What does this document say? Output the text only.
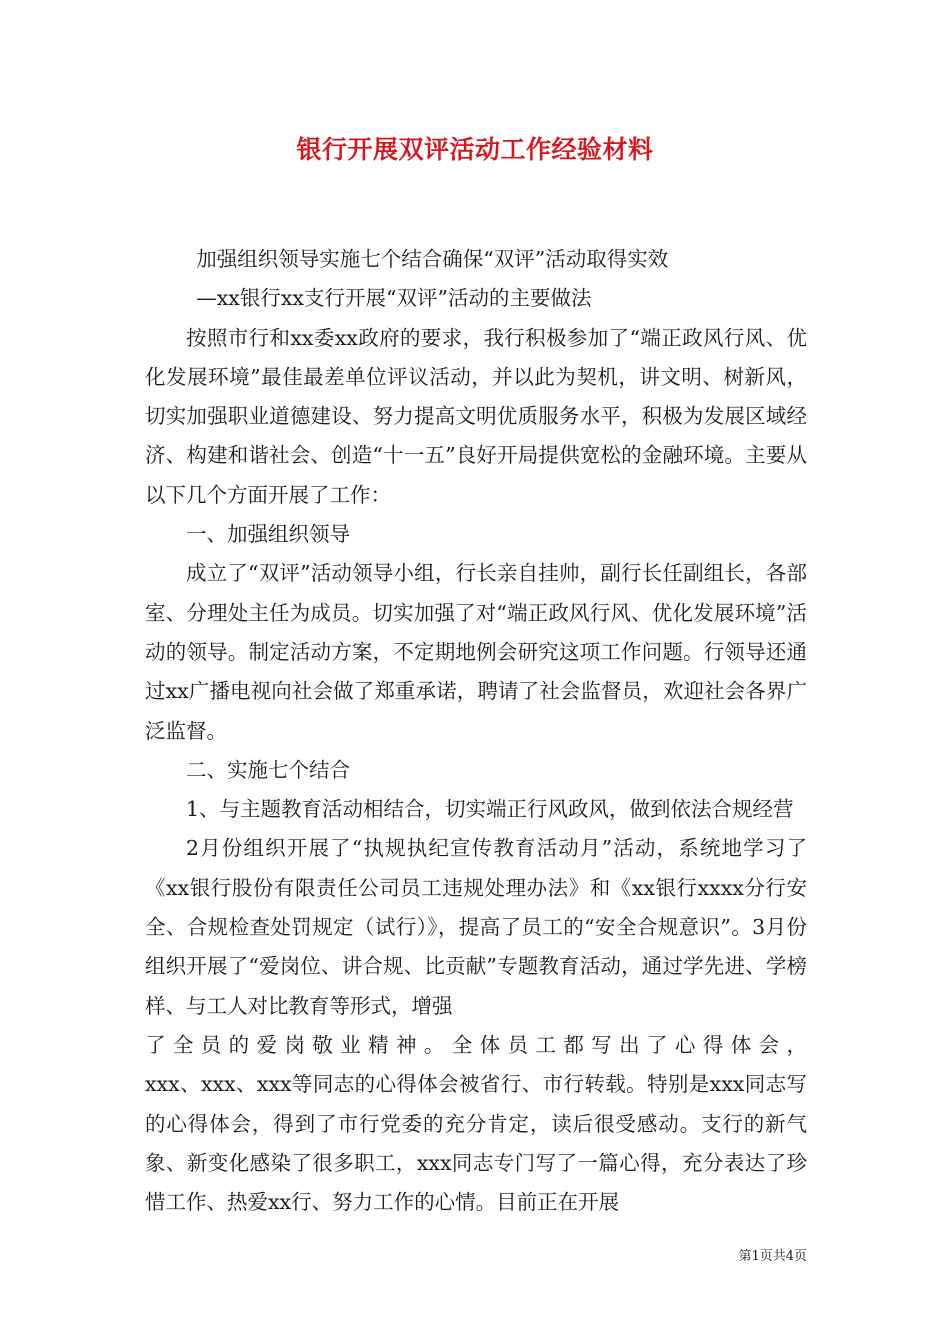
银行开展双评活动工作经验材料

加强组织领导实施七个结合确保“双评”活动取得实效

—xx银行xx支行开展“双评”活动的主要做法

按照市行和xx委xx政府的要求，我行积极参加了“端正政风行风、优化发展环境”最佳最差单位评议活动，并以此为契机，讲文明、树新风，切实加强职业道德建设、努力提高文明优质服务水平，积极为发展区域经济、构建和谐社会、创造“十一五”良好开局提供宽松的金融环境。主要从以下几个方面开展了工作：

一、加强组织领导

成立了“双评”活动领导小组，行长亲自挂帅，副行长任副组长，各部室、分理处主任为成员。切实加强了对“端正政风行风、优化发展环境”活动的领导。制定活动方案，不定期地例会研究这项工作问题。行领导还通过xx广播电视向社会做了郑重承诺，聘请了社会监督员，欢迎社会各界广泛监督。

二、实施七个结合

1、与主题教育活动相结合，切实端正行风政风，做到依法合规经营

2月份组织开展了“执规执纪宣传教育活动月”活动，系统地学习了《xx银行股份有限责任公司员工违规处理办法》和《xx银行xxxx分行安全、合规检查处罚规定（试行）》，提高了员工的“安全合规意识”。3月份组织开展了“爱岗位、讲合规、比贡献”专题教育活动，通过学先进、学榜样、与工人对比教育等形式，增强

了全员的爱岗敬业精神。全体员工都写出了心得体会，

xxx、xxx、xxx等同志的心得体会被省行、市行转载。特别是xxx同志写的心得体会，得到了市行党委的充分肯定，读后很受感动。支行的新气象、新变化感染了很多职工，xxx同志专门写了一篇心得，充分表达了珍惜工作、热爱xx行、努力工作的心情。目前正在开展

第1页共4页
